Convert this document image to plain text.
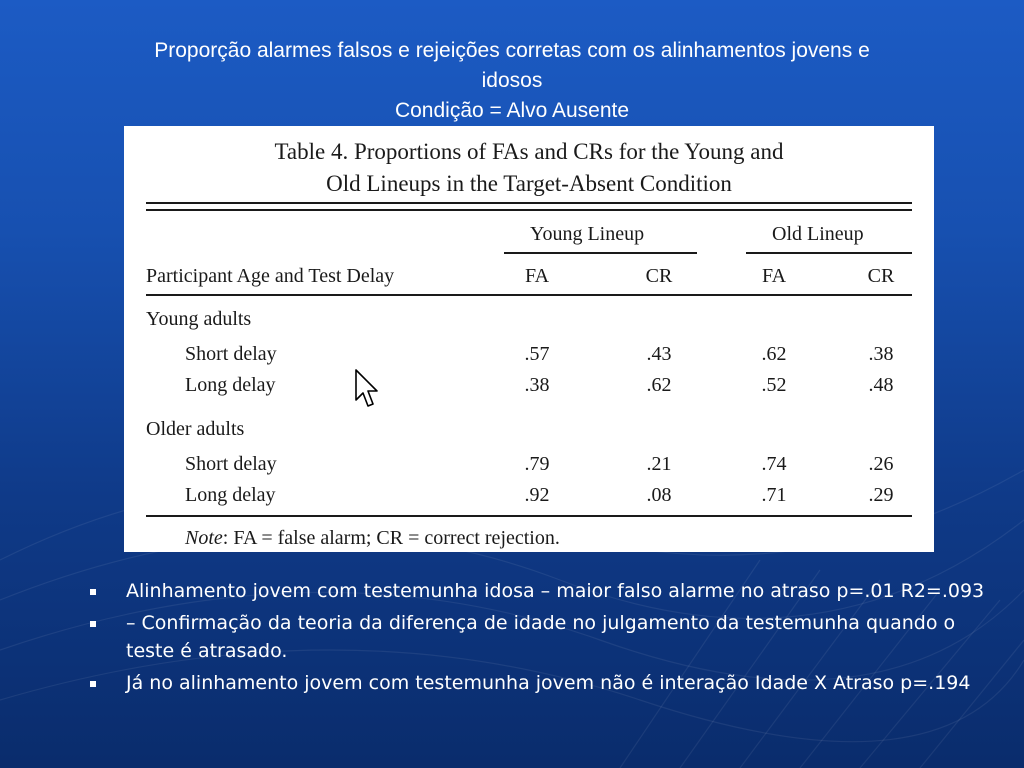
Proporção alarmes falsos e rejeições corretas com os alinhamentos jovens e
idosos
Condição = Alvo Ausente
Table 4. Proportions of FAs and CRs for the Young and
Old Lineups in the Target-Absent Condition
Young Lineup	Old Lineup
Participant Age and Test Delay	FA	CR	FA	CR
Young adults
Short delay	.57	.43	.62	.38
Long delay	.38	.62	.52	.48
Older adults
Short delay	.79	.21	.74	.26
Long delay	.92	.08	.71	.29
Note: FA = false alarm; CR = correct rejection.
Alinhamento jovem com testemunha idosa – maior falso alarme no atraso p=.01 R2=.093
– Confirmação da teoria da diferença de idade no julgamento da testemunha quando o teste é atrasado.
Já no alinhamento jovem com testemunha jovem não é interação Idade X Atraso p=.194
